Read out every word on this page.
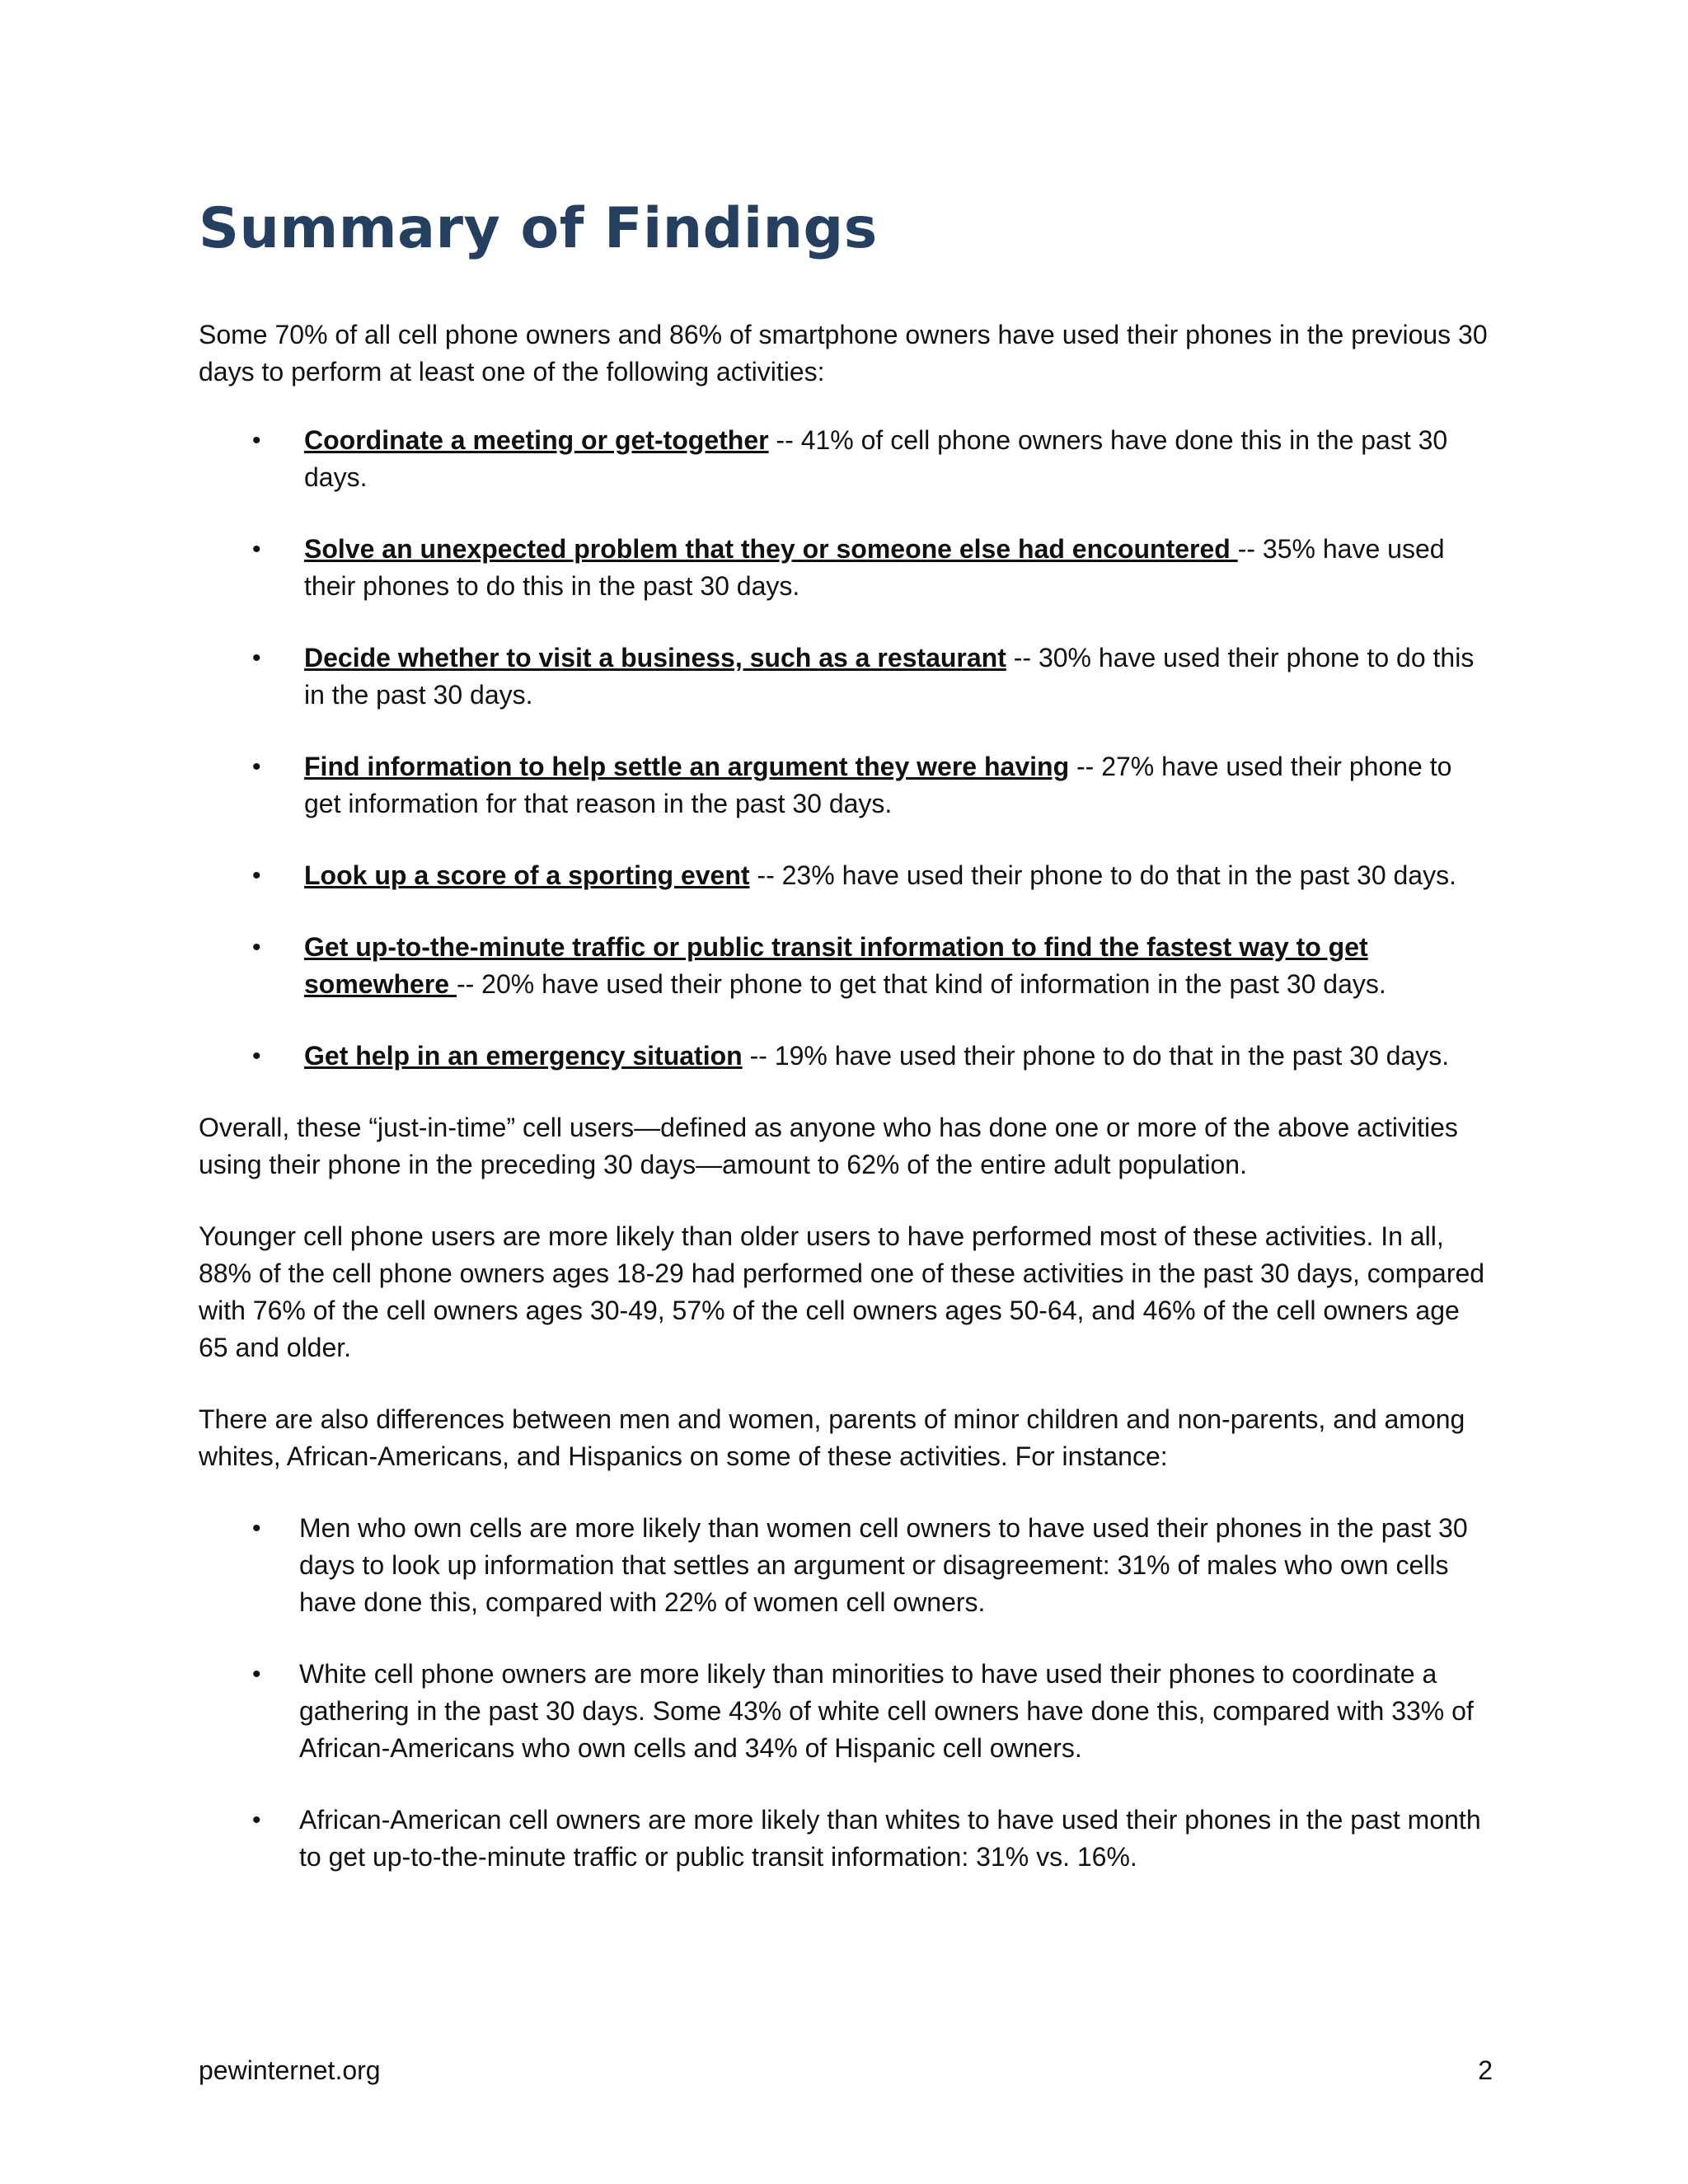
Summary of Findings

Some 70% of all cell phone owners and 86% of smartphone owners have used their phones in the previous 30 days to perform at least one of the following activities:

•	Coordinate a meeting or get-together -- 41% of cell phone owners have done this in the past 30 days.
•	Solve an unexpected problem that they or someone else had encountered -- 35% have used their phones to do this in the past 30 days.
•	Decide whether to visit a business, such as a restaurant -- 30% have used their phone to do this in the past 30 days.
•	Find information to help settle an argument they were having -- 27% have used their phone to get information for that reason in the past 30 days.
•	Look up a score of a sporting event -- 23% have used their phone to do that in the past 30 days.
•	Get up-to-the-minute traffic or public transit information to find the fastest way to get somewhere -- 20% have used their phone to get that kind of information in the past 30 days.
•	Get help in an emergency situation -- 19% have used their phone to do that in the past 30 days.

Overall, these “just-in-time” cell users—defined as anyone who has done one or more of the above activities using their phone in the preceding 30 days—amount to 62% of the entire adult population.

Younger cell phone users are more likely than older users to have performed most of these activities. In all, 88% of the cell phone owners ages 18-29 had performed one of these activities in the past 30 days, compared with 76% of the cell owners ages 30-49, 57% of the cell owners ages 50-64, and 46% of the cell owners age 65 and older.

There are also differences between men and women, parents of minor children and non-parents, and among whites, African-Americans, and Hispanics on some of these activities. For instance:

•	Men who own cells are more likely than women cell owners to have used their phones in the past 30 days to look up information that settles an argument or disagreement: 31% of males who own cells have done this, compared with 22% of women cell owners.
•	White cell phone owners are more likely than minorities to have used their phones to coordinate a gathering in the past 30 days. Some 43% of white cell owners have done this, compared with 33% of African-Americans who own cells and 34% of Hispanic cell owners.
•	African-American cell owners are more likely than whites to have used their phones in the past month to get up-to-the-minute traffic or public transit information: 31% vs. 16%.
pewinternet.org	2
